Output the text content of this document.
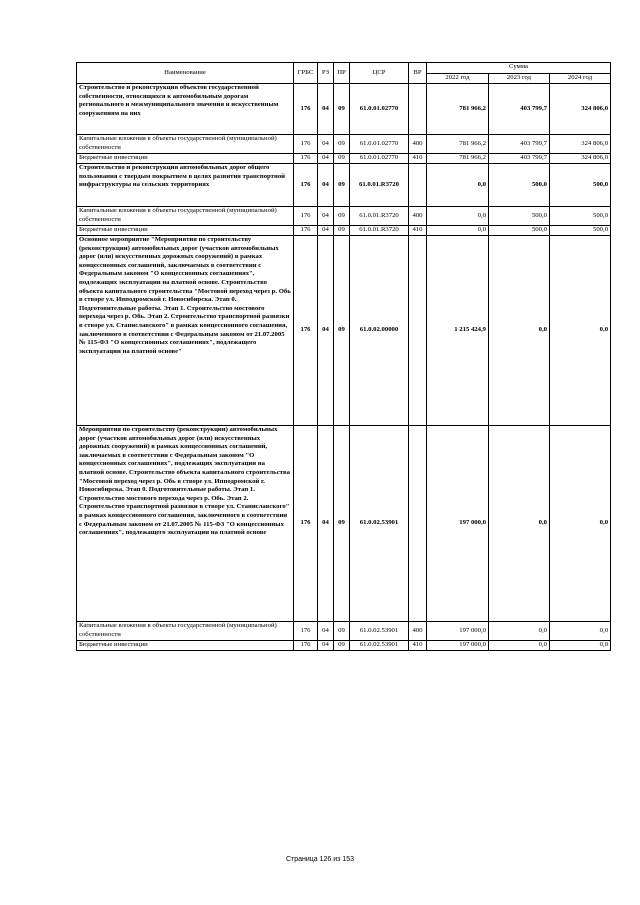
Наименование	ГРБС	РЗ	ПР	ЦСР	ВР	Сумма		
						2022 год	2023 год	2024 год
Строительство и реконструкция объектов государственной собственности, относящихся к автомобильным дорогам регионального и межмуниципального значения и искусственным сооружениям на них	176	04	09	61.0.01.02770		781 966,2	403 799,7	324 806,0
Капитальные вложения в объекты государственной (муниципальной) собственности	176	04	09	61.0.01.02770	400	781 966,2	403 799,7	324 806,0
Бюджетные инвестиции	176	04	09	61.0.01.02770	410	781 966,2	403 799,7	324 806,0
Строительство и реконструкция автомобильных дорог общего пользования с твердым покрытием в целях развития транспортной инфраструктуры на сельских территориях	176	04	09	61.0.01.R3720		0,0	500,0	500,0
Капитальные вложения в объекты государственной (муниципальной) собственности	176	04	09	61.0.01.R3720	400	0,0	500,0	500,0
Бюджетные инвестиции	176	04	09	61.0.01.R3720	410	0,0	500,0	500,0
Основное мероприятие "Мероприятия по строительству (реконструкции) автомобильных дорог (участков автомобильных дорог (или) искусственных дорожных сооружений) в рамках концессионных соглашений, заключаемых в соответствии с Федеральным законом "О концессионных соглашениях", подлежащих эксплуатации на платной основе. Строительство объекта капитального строительства "Мостовой переход через р. Обь в створе ул. Ипподромской г. Новосибирска. Этап 0. Подготовительные работы. Этап 1. Строительство мостового перехода через р. Обь. Этап 2. Строительство транспортной развязки в створе ул. Станиславского" в рамках концессионного соглашения, заключенного в соответствии с Федеральным законом от 21.07.2005 № 115-ФЗ "О концессионных соглашениях", подлежащего эксплуатации на платной основе"	176	04	09	61.0.02.00000		1 215 424,9	0,0	0,0
Мероприятия по строительству (реконструкции) автомобильных дорог (участков автомобильных дорог (или) искусственных дорожных сооружений) в рамках концессионных соглашений, заключаемых в соответствии с Федеральным законом "О концессионных соглашениях", подлежащих эксплуатации на платной основе. Строительство объекта капитального строительства "Мостовой переход через р. Обь в створе ул. Ипподромской г. Новосибирска. Этап 0. Подготовительные работы. Этап 1. Строительство мостового перехода через р. Обь. Этап 2. Строительство транспортной развязки в створе ул. Станиславского" в рамках концессионного соглашения, заключенного в соответствии с Федеральным законом от 21.07.2005 № 115-ФЗ "О концессионных соглашениях", подлежащего эксплуатации на платной основе	176	04	09	61.0.02.53901		197 000,0	0,0	0,0
Капитальные вложения в объекты государственной (муниципальной) собственности	176	04	09	61.0.02.53901	400	197 000,0	0,0	0,0
Бюджетные инвестиции	176	04	09	61.0.02.53901	410	197 000,0	0,0	0,0
Страница 126 из 153
